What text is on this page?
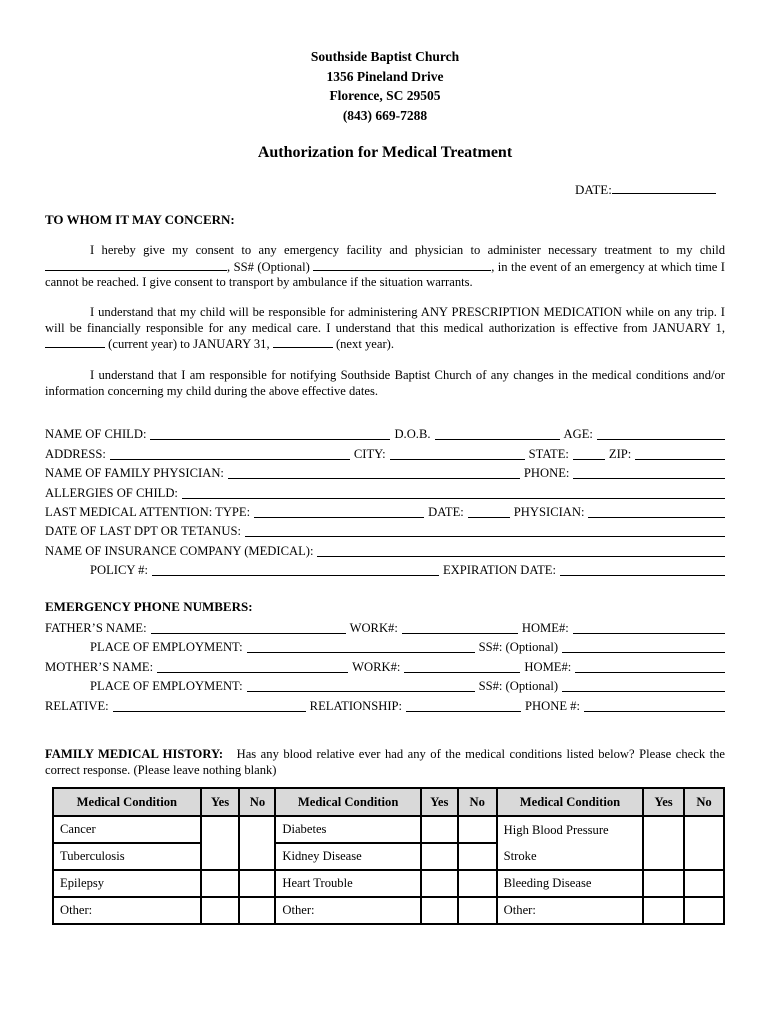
Southside Baptist Church
1356 Pineland Drive
Florence, SC 29505
(843) 669-7288
Authorization for Medical Treatment
DATE:
TO WHOM IT MAY CONCERN:
I hereby give my consent to any emergency facility and physician to administer necessary treatment to my child , SS# (Optional)	, in the event of an emergency at which time I cannot be reached. I give consent to transport by ambulance if the situation warrants.
I understand that my child will be responsible for administering ANY PRESCRIPTION MEDICATION while on any trip. I will be financially responsible for any medical care. I understand that this medical authorization is effective from JANUARY 1,  (current year) to JANUARY 31,	(next year).
I understand that I am responsible for notifying Southside Baptist Church of any changes in the medical conditions and/or information concerning my child during the above effective dates.
NAME OF CHILD:	D.O.B.	AGE:
ADDRESS:	CITY:	STATE:	ZIP:
NAME OF FAMILY PHYSICIAN:	PHONE:
ALLERGIES OF CHILD:
LAST MEDICAL ATTENTION: TYPE:	DATE:	PHYSICIAN:
DATE OF LAST DPT OR TETANUS:
NAME OF INSURANCE COMPANY (MEDICAL):
POLICY #:	EXPIRATION DATE:
EMERGENCY PHONE NUMBERS:
FATHER’S NAME:	WORK#:	HOME#:
PLACE OF EMPLOYMENT:	SS#: (Optional)
MOTHER’S NAME:	WORK#:	HOME#:
PLACE OF EMPLOYMENT:	SS#: (Optional)
RELATIVE:	RELATIONSHIP:	PHONE #:
FAMILY MEDICAL HISTORY: Has any blood relative ever had any of the medical conditions listed below? Please check the correct response. (Please leave nothing blank)
Medical Condition	Yes	No	Medical Condition	Yes	No	Medical Condition	Yes	No
Cancer			Diabetes			High Blood Pressure		
Tuberculosis			Kidney Disease			Stroke		
Epilepsy			Heart Trouble			Bleeding Disease		
Other:			Other:			Other:		
